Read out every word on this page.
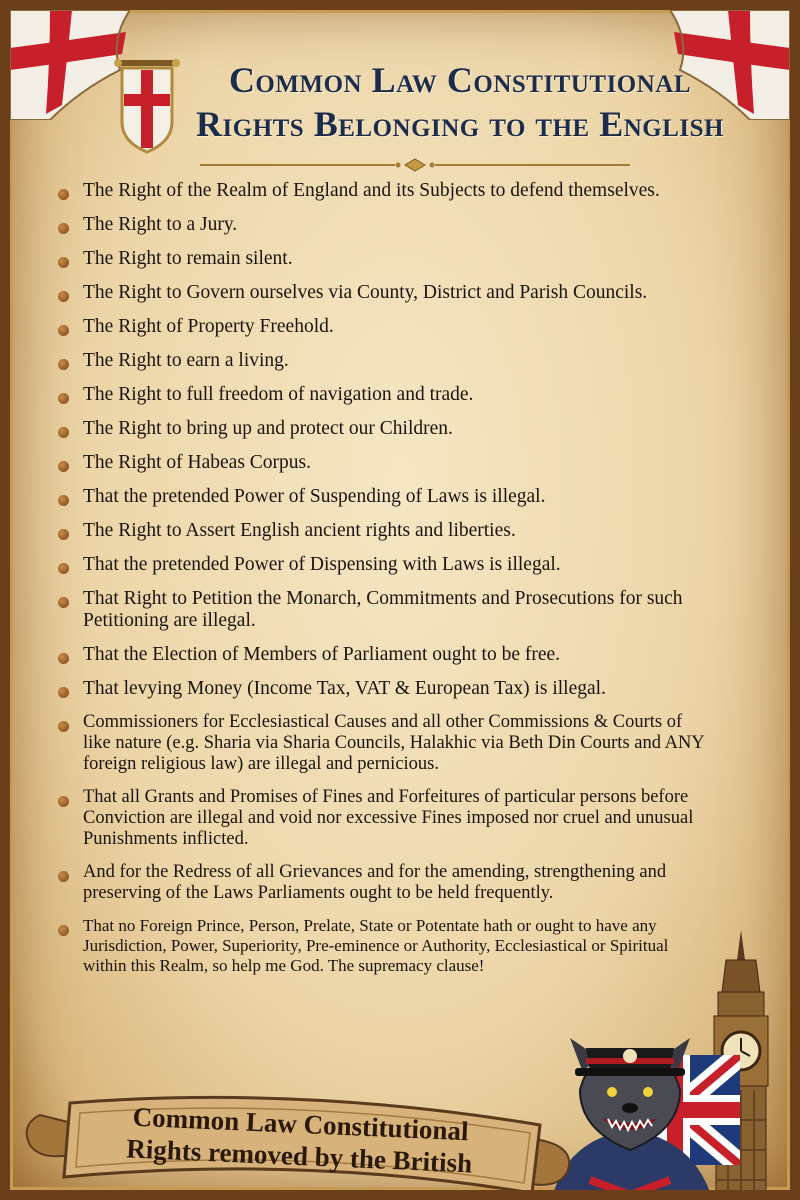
Common Law Constitutional
Rights Belonging to the English
The Right of the Realm of England and its Subjects to defend themselves.
The Right to a Jury.
The Right to remain silent.
The Right to Govern ourselves via County, District and Parish Councils.
The Right of Property Freehold.
The Right to earn a living.
The Right to full freedom of navigation and trade.
The Right to bring up and protect our Children.
The Right of Habeas Corpus.
That the pretended Power of Suspending of Laws is illegal.
The Right to Assert English ancient rights and liberties.
That the pretended Power of Dispensing with Laws is illegal.
That Right to Petition the Monarch, Commitments and Prosecutions for such Petitioning are illegal.
That the Election of Members of Parliament ought to be free.
That levying Money (Income Tax, VAT & European Tax) is illegal.
Commissioners for Ecclesiastical Causes and all other Commissions & Courts of like nature (e.g. Sharia via Sharia Councils, Halakhic via Beth Din Courts and ANY foreign religious law) are illegal and pernicious.
That all Grants and Promises of Fines and Forfeitures of particular persons before Conviction are illegal and void nor excessive Fines imposed nor cruel and unusual Punishments inflicted.
And for the Redress of all Grievances and for the amending, strengthening and preserving of the Laws Parliaments ought to be held frequently.
That no Foreign Prince, Person, Prelate, State or Potentate hath or ought to have any Jurisdiction, Power, Superiority, Pre-eminence or Authority, Ecclesiastical or Spiritual within this Realm, so help me God. The supremacy clause!
Common Law Constitutional
Rights removed by the British
